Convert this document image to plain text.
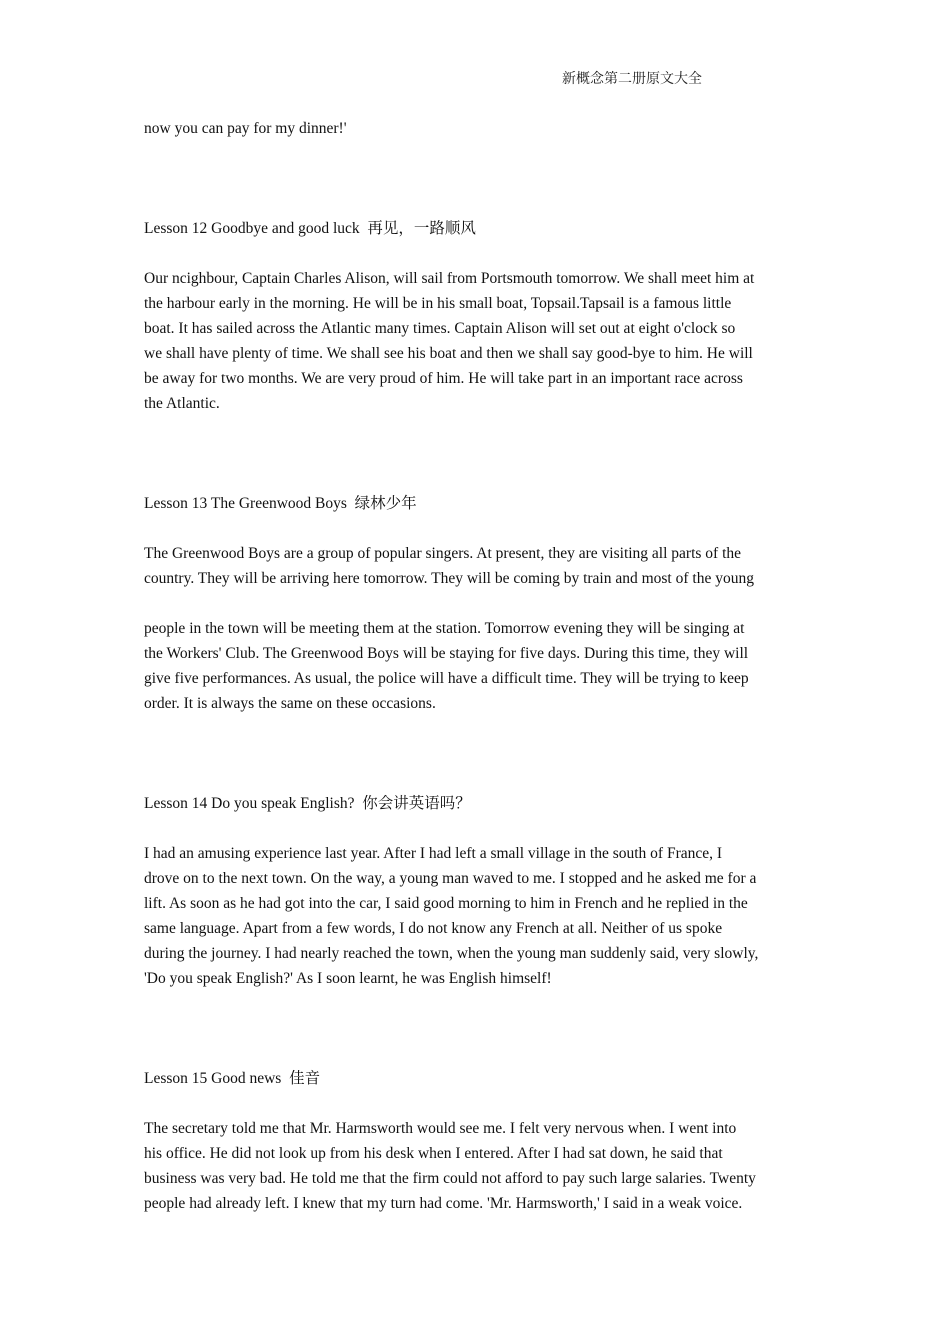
新概念第二册原文大全

now you can pay for my dinner!'

Lesson 12 Goodbye and good luck  再见，一路顺风

Our ncighbour, Captain Charles Alison, will sail from Portsmouth tomorrow. We shall meet him at
the harbour early in the morning. He will be in his small boat, Topsail.Tapsail is a famous little
boat. It has sailed across the Atlantic many times. Captain Alison will set out at eight o'clock so
we shall have plenty of time. We shall see his boat and then we shall say good-bye to him. He will
be away for two months. We are very proud of him. He will take part in an important race across
the Atlantic.

Lesson 13 The Greenwood Boys  绿林少年

The Greenwood Boys are a group of popular singers. At present, they are visiting all parts of the
country. They will be arriving here tomorrow. They will be coming by train and most of the young

people in the town will be meeting them at the station. Tomorrow evening they will be singing at
the Workers' Club. The Greenwood Boys will be staying for five days. During this time, they will
give five performances. As usual, the police will have a difficult time. They will be trying to keep
order. It is always the same on these occasions.

Lesson 14 Do you speak English?  你会讲英语吗？

I had an amusing experience last year. After I had left a small village in the south of France, I
drove on to the next town. On the way, a young man waved to me. I stopped and he asked me for a
lift. As soon as he had got into the car, I said good morning to him in French and he replied in the
same language. Apart from a few words, I do not know any French at all. Neither of us spoke
during the journey. I had nearly reached the town, when the young man suddenly said, very slowly,
'Do you speak English?' As I soon learnt, he was English himself!

Lesson 15 Good news  佳音

The secretary told me that Mr. Harmsworth would see me. I felt very nervous when. I went into
his office. He did not look up from his desk when I entered. After I had sat down, he said that
business was very bad. He told me that the firm could not afford to pay such large salaries. Twenty
people had already left. I knew that my turn had come. 'Mr. Harmsworth,' I said in a weak voice.
